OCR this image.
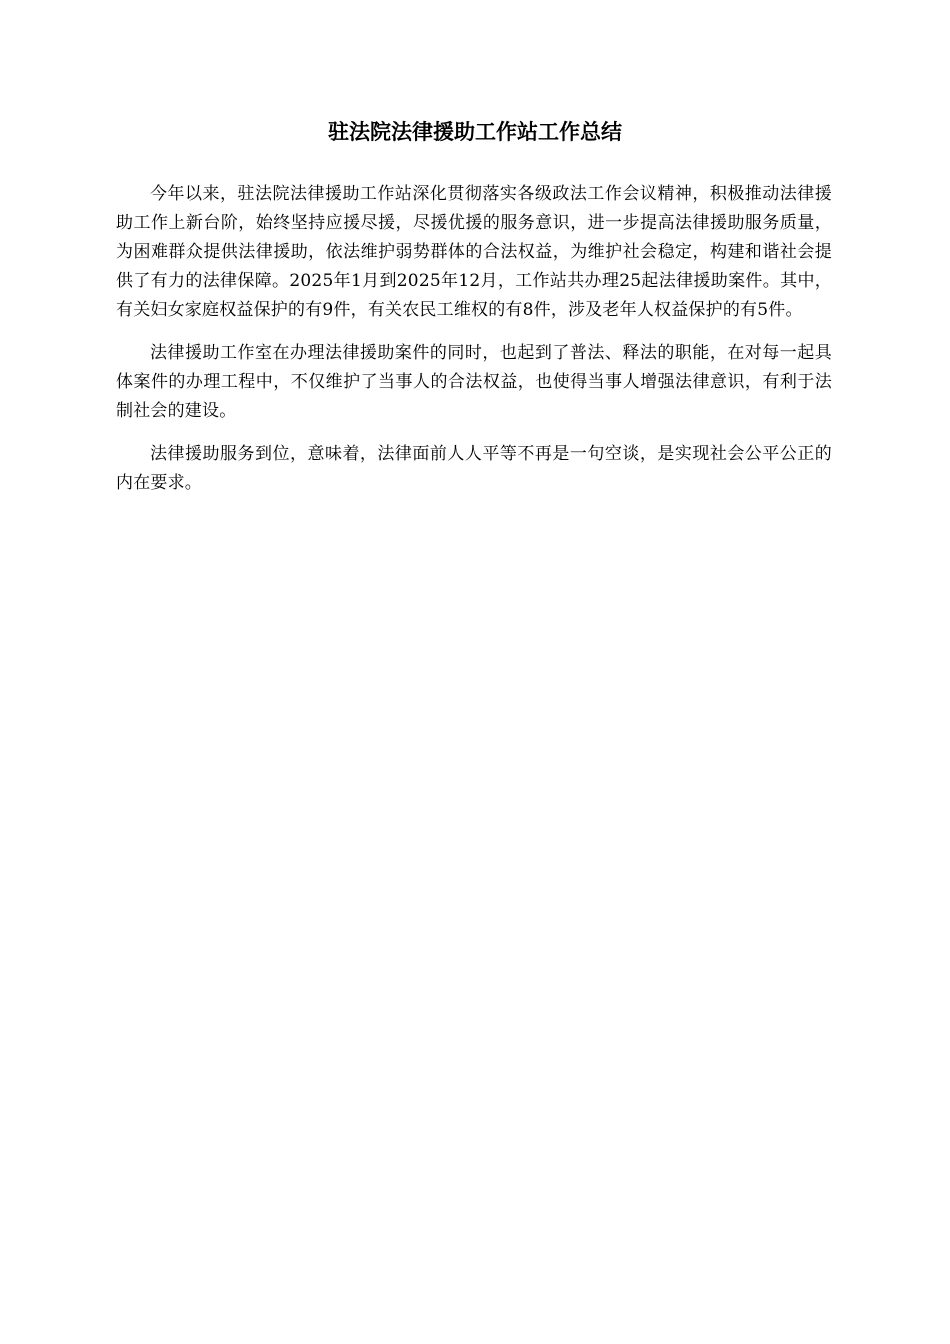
驻法院法律援助工作站工作总结

今年以来，驻法院法律援助工作站深化贯彻落实各级政法工作会议精神，积极推动法律援助工作上新台阶，始终坚持应援尽援，尽援优援的服务意识，进一步提高法律援助服务质量，为困难群众提供法律援助，依法维护弱势群体的合法权益，为维护社会稳定，构建和谐社会提供了有力的法律保障。2025年1月到2025年12月，工作站共办理25起法律援助案件。其中，有关妇女家庭权益保护的有9件，有关农民工维权的有8件，涉及老年人权益保护的有5件。

法律援助工作室在办理法律援助案件的同时，也起到了普法、释法的职能，在对每一起具体案件的办理工程中，不仅维护了当事人的合法权益，也使得当事人增强法律意识，有利于法制社会的建设。

法律援助服务到位，意味着，法律面前人人平等不再是一句空谈，是实现社会公平公正的内在要求。
